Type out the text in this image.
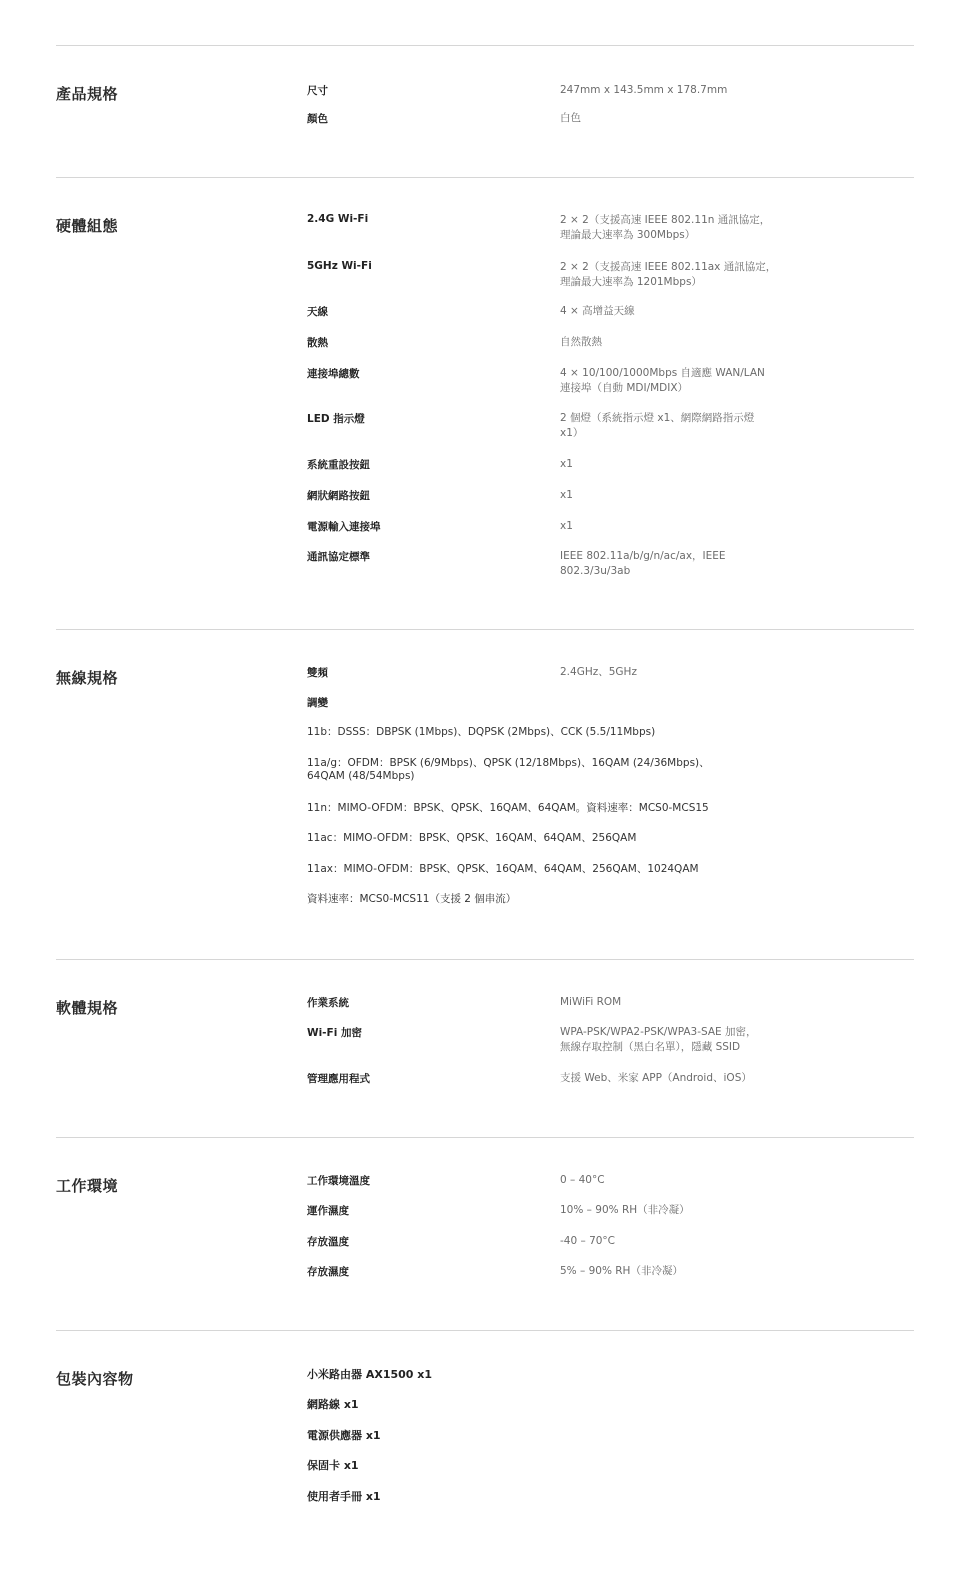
產品規格	尺寸	247mm x 143.5mm x 178.7mm
顏色	白色
硬體組態	2.4G Wi-Fi	2 × 2（支援高速 IEEE 802.11n 通訊協定，
理論最大速率為 300Mbps）
5GHz Wi-Fi	2 × 2（支援高速 IEEE 802.11ax 通訊協定，
理論最大速率為 1201Mbps）
天線	4 × 高增益天線
散熱	自然散熱
連接埠總數	4 × 10/100/1000Mbps 自適應 WAN/LAN
連接埠（自動 MDI/MDIX）
LED 指示燈	2 個燈（系統指示燈 x1、網際網路指示燈
x1）
系統重設按鈕	x1
網狀網路按鈕	x1
電源輸入連接埠	x1
通訊協定標準	IEEE 802.11a/b/g/n/ac/ax，IEEE
802.3/3u/3ab
無線規格	雙頻	2.4GHz、5GHz
調變
11b：DSSS：DBPSK (1Mbps)、DQPSK (2Mbps)、CCK (5.5/11Mbps)
11a/g：OFDM：BPSK (6/9Mbps)、QPSK (12/18Mbps)、16QAM (24/36Mbps)、
64QAM (48/54Mbps)
11n：MIMO-OFDM：BPSK、QPSK、16QAM、64QAM。資料速率：MCS0-MCS15
11ac：MIMO-OFDM：BPSK、QPSK、16QAM、64QAM、256QAM
11ax：MIMO-OFDM：BPSK、QPSK、16QAM、64QAM、256QAM、1024QAM
資料速率：MCS0-MCS11（支援 2 個串流）
軟體規格	作業系統	MiWiFi ROM
Wi-Fi 加密	WPA-PSK/WPA2-PSK/WPA3-SAE 加密，
無線存取控制（黑白名單），隱藏 SSID
管理應用程式	支援 Web、米家 APP（Android、iOS）
工作環境	工作環境溫度	0 – 40°C
運作濕度	10% – 90% RH（非冷凝）
存放溫度	-40 – 70°C
存放濕度	5% – 90% RH（非冷凝）
包裝內容物	小米路由器 AX1500 x1
網路線 x1
電源供應器 x1
保固卡 x1
使用者手冊 x1
